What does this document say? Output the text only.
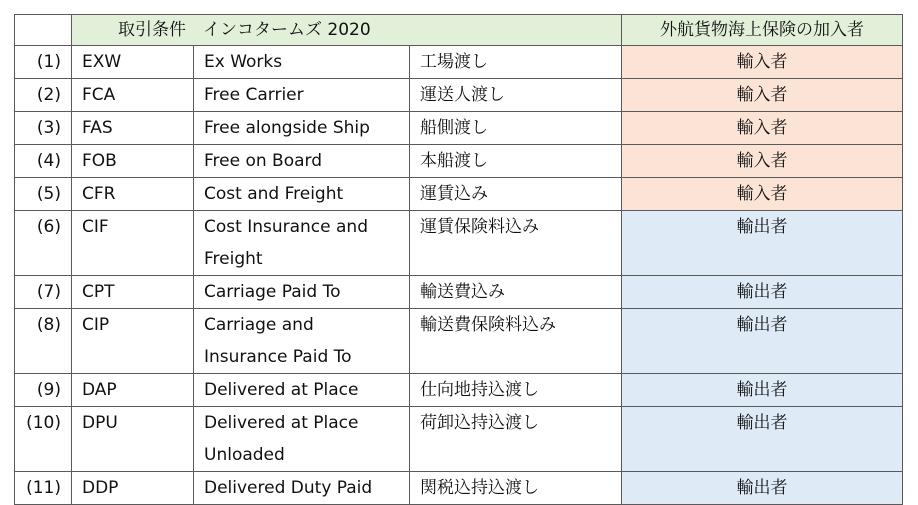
	取引条件　インコタームズ 2020			外航貨物海上保険の加入者
(1)	EXW	Ex Works	工場渡し	輸入者
(2)	FCA	Free Carrier	運送人渡し	輸入者
(3)	FAS	Free alongside Ship	船側渡し	輸入者
(4)	FOB	Free on Board	本船渡し	輸入者
(5)	CFR	Cost and Freight	運賃込み	輸入者
(6)	CIF	Cost Insurance and Freight	運賃保険料込み	輸出者
(7)	CPT	Carriage Paid To	輸送費込み	輸出者
(8)	CIP	Carriage and Insurance Paid To	輸送費保険料込み	輸出者
(9)	DAP	Delivered at Place	仕向地持込渡し	輸出者
(10)	DPU	Delivered at Place Unloaded	荷卸込持込渡し	輸出者
(11)	DDP	Delivered Duty Paid	関税込持込渡し	輸出者
